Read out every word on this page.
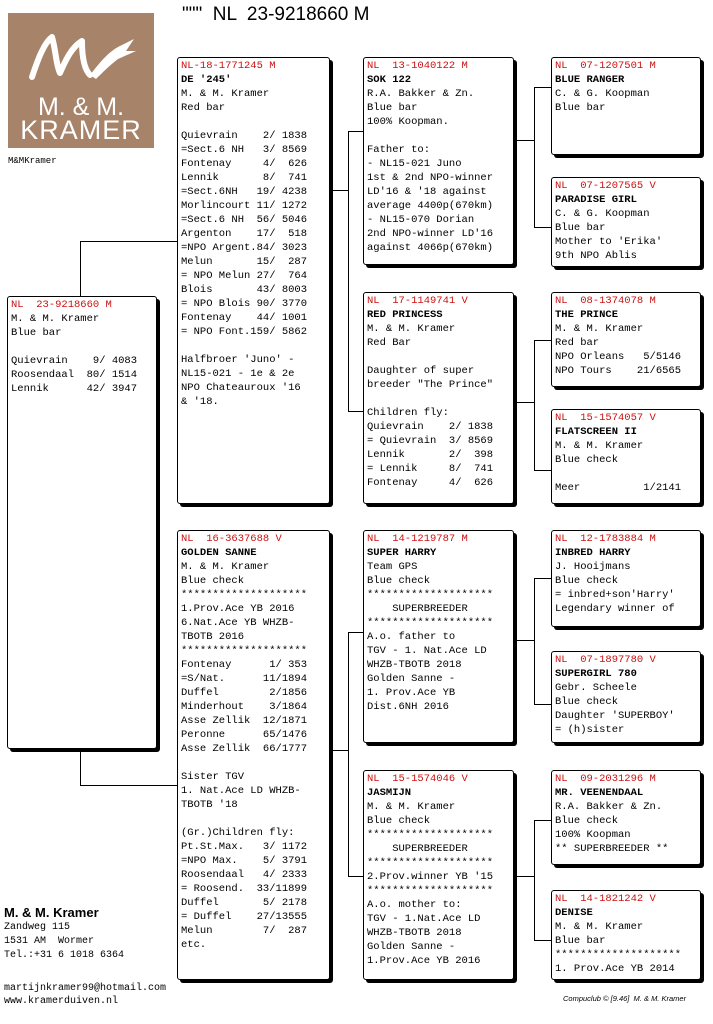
"""  NL  23-9218660 M
M. & M.
KRAMER
M&MKramer
NL  23-9218660 M
M. & M. Kramer
Blue bar
Quievrain    9/ 4083
Roosendaal  80/ 1514
Lennik      42/ 3947
NL-18-1771245 M
DE '245'
M. & M. Kramer
Red bar
Quievrain    2/ 1838
=Sect.6 NH   3/ 8569
Fontenay     4/  626
Lennik       8/  741
=Sect.6NH   19/ 4238
Morlincourt 11/ 1272
=Sect.6 NH  56/ 5046
Argenton    17/  518
=NPO Argent.84/ 3023
Melun       15/  287
= NPO Melun 27/  764
Blois       43/ 8003
= NPO Blois 90/ 3770
Fontenay    44/ 1001
= NPO Font.159/ 5862
Halfbroer 'Juno' -
NL15-021 - 1e & 2e
NPO Chateauroux '16
& '18.
NL  16-3637688 V
GOLDEN SANNE
M. & M. Kramer
Blue check
********************
1.Prov.Ace YB 2016
6.Nat.Ace YB WHZB-
TBOTB 2016
********************
Fontenay      1/ 353
=S/Nat.      11/1894
Duffel        2/1856
Minderhout    3/1864
Asse Zellik  12/1871
Peronne      65/1476
Asse Zellik  66/1777
Sister TGV
1. Nat.Ace LD WHZB-
TBOTB '18
(Gr.)Children fly:
Pt.St.Max.   3/ 1172
=NPO Max.    5/ 3791
Roosendaal   4/ 2333
= Roosend.  33/11899
Duffel       5/ 2178
= Duffel    27/13555
Melun        7/  287
etc.
NL  13-1040122 M
SOK 122
R.A. Bakker & Zn.
Blue bar
100% Koopman.
Father to:
- NL15-021 Juno
1st & 2nd NPO-winner
LD'16 & '18 against
average 4400p(670km)
- NL15-070 Dorian
2nd NPO-winner LD'16
against 4066p(670km)
NL  17-1149741 V
RED PRINCESS
M. & M. Kramer
Red Bar
Daughter of super
breeder "The Prince"
Children fly:
Quievrain    2/ 1838
= Quievrain  3/ 8569
Lennik       2/  398
= Lennik     8/  741
Fontenay     4/  626
NL  14-1219787 M
SUPER HARRY
Team GPS
Blue check
********************
SUPERBREEDER
********************
A.o. father to
TGV - 1. Nat.Ace LD
WHZB-TBOTB 2018
Golden Sanne -
1. Prov.Ace YB
Dist.6NH 2016
NL  15-1574046 V
JASMIJN
M. & M. Kramer
Blue check
********************
SUPERBREEDER
********************
2.Prov.winner YB '15
********************
A.o. mother to:
TGV - 1.Nat.Ace LD
WHZB-TBOTB 2018
Golden Sanne -
1.Prov.Ace YB 2016
NL  07-1207501 M
BLUE RANGER
C. & G. Koopman
Blue bar
NL  07-1207565 V
PARADISE GIRL
C. & G. Koopman
Blue bar
Mother to 'Erika'
9th NPO Ablis
NL  08-1374078 M
THE PRINCE
M. & M. Kramer
Red bar
NPO Orleans   5/5146
NPO Tours    21/6565
NL  15-1574057 V
FLATSCREEN II
M. & M. Kramer
Blue check
Meer          1/2141
NL  12-1783884 M
INBRED HARRY
J. Hooijmans
Blue check
= inbred+son'Harry'
Legendary winner of
NL  07-1897780 V
SUPERGIRL 780
Gebr. Scheele
Blue check
Daughter 'SUPERBOY'
= (h)sister
NL  09-2031296 M
MR. VEENENDAAL
R.A. Bakker & Zn.
Blue check
100% Koopman
** SUPERBREEDER **
NL  14-1821242 V
DENISE
M. & M. Kramer
Blue bar
********************
1. Prov.Ace YB 2014
M. & M. Kramer
Zandweg 115
1531 AM  Wormer
Tel.:+31 6 1018 6364
martijnkramer99@hotmail.com
www.kramerduiven.nl	Compuclub © [9.46]  M. & M. Kramer
